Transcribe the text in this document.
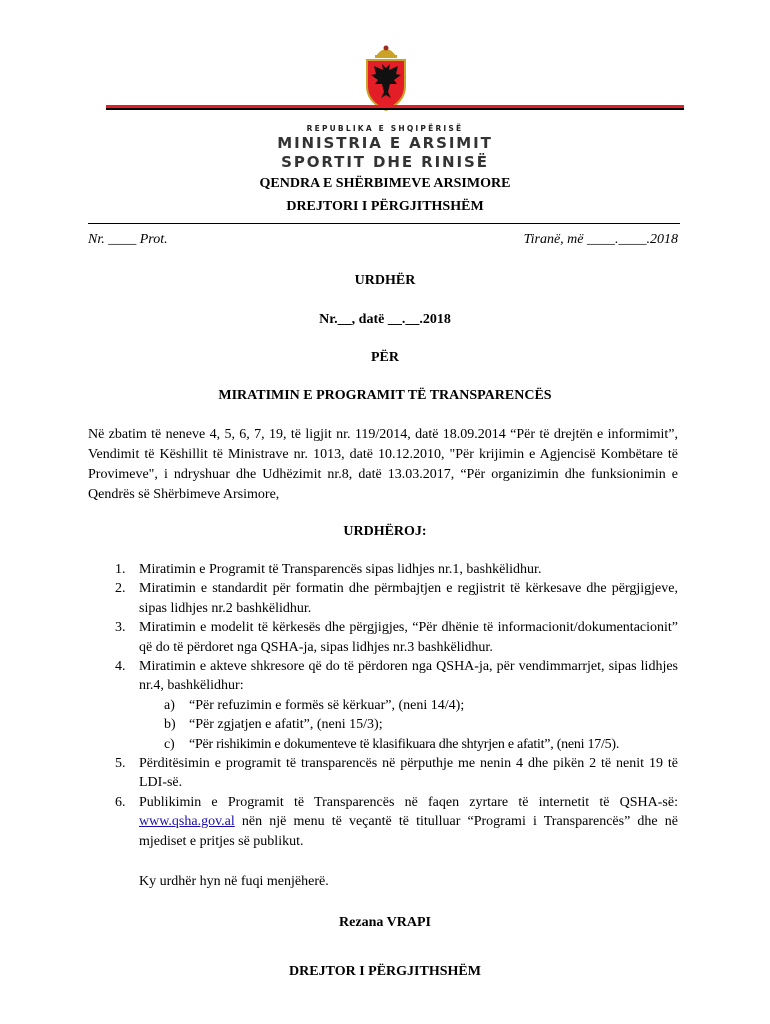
REPUBLIKA E SHQIPËRISË
MINISTRIA E ARSIMIT
SPORTIT DHE RINISË
QENDRA E SHËRBIMEVE ARSIMORE
DREJTORI I PËRGJITHSHËM
Nr. ____ Prot.	Tiranë, më ____.____.2018
URDHËR
Nr.__, datë __.__.2018
PËR
MIRATIMIN E PROGRAMIT TË TRANSPARENCËS
Në zbatim të neneve 4, 5, 6, 7, 19, të ligjit nr. 119/2014, datë 18.09.2014 “Për të drejtën e informimit”, Vendimit të Këshillit të Ministrave nr. 1013, datë 10.12.2010, "Për krijimin e Agjencisë Kombëtare të Provimeve", i ndryshuar dhe Udhëzimit nr.8, datë 13.03.2017, “Për organizimin dhe funksionimin e Qendrës së Shërbimeve Arsimore,
URDHËROJ:
1. Miratimin e Programit të Transparencës sipas lidhjes nr.1, bashkëlidhur.
2. Miratimin e standardit për formatin dhe përmbajtjen e regjistrit të kërkesave dhe përgjigjeve, sipas lidhjes nr.2 bashkëlidhur.
3. Miratimin e modelit të kërkesës dhe përgjigjes, “Për dhënie të informacionit/dokumentacionit” që do të përdoret nga QSHA-ja, sipas lidhjes nr.3 bashkëlidhur.
4. Miratimin e akteve shkresore që do të përdoren nga QSHA-ja, për vendimmarrjet, sipas lidhjes nr.4, bashkëlidhur:
a) “Për refuzimin e formës së kërkuar”, (neni 14/4);
b) “Për zgjatjen e afatit”, (neni 15/3);
c) “Për rishikimin e dokumenteve të klasifikuara dhe shtyrjen e afatit”, (neni 17/5).
5. Përditësimin e programit të transparencës në përputhje me nenin 4 dhe pikën 2 të nenit 19 të LDI-së.
6. Publikimin e Programit të Transparencës në faqen zyrtare të internetit të QSHA-së: www.qsha.gov.al nën një menu të veçantë të titulluar “Programi i Transparencës” dhe në mjediset e pritjes së publikut.
Ky urdhër hyn në fuqi menjëherë.
Rezana VRAPI
DREJTOR I PËRGJITHSHËM
